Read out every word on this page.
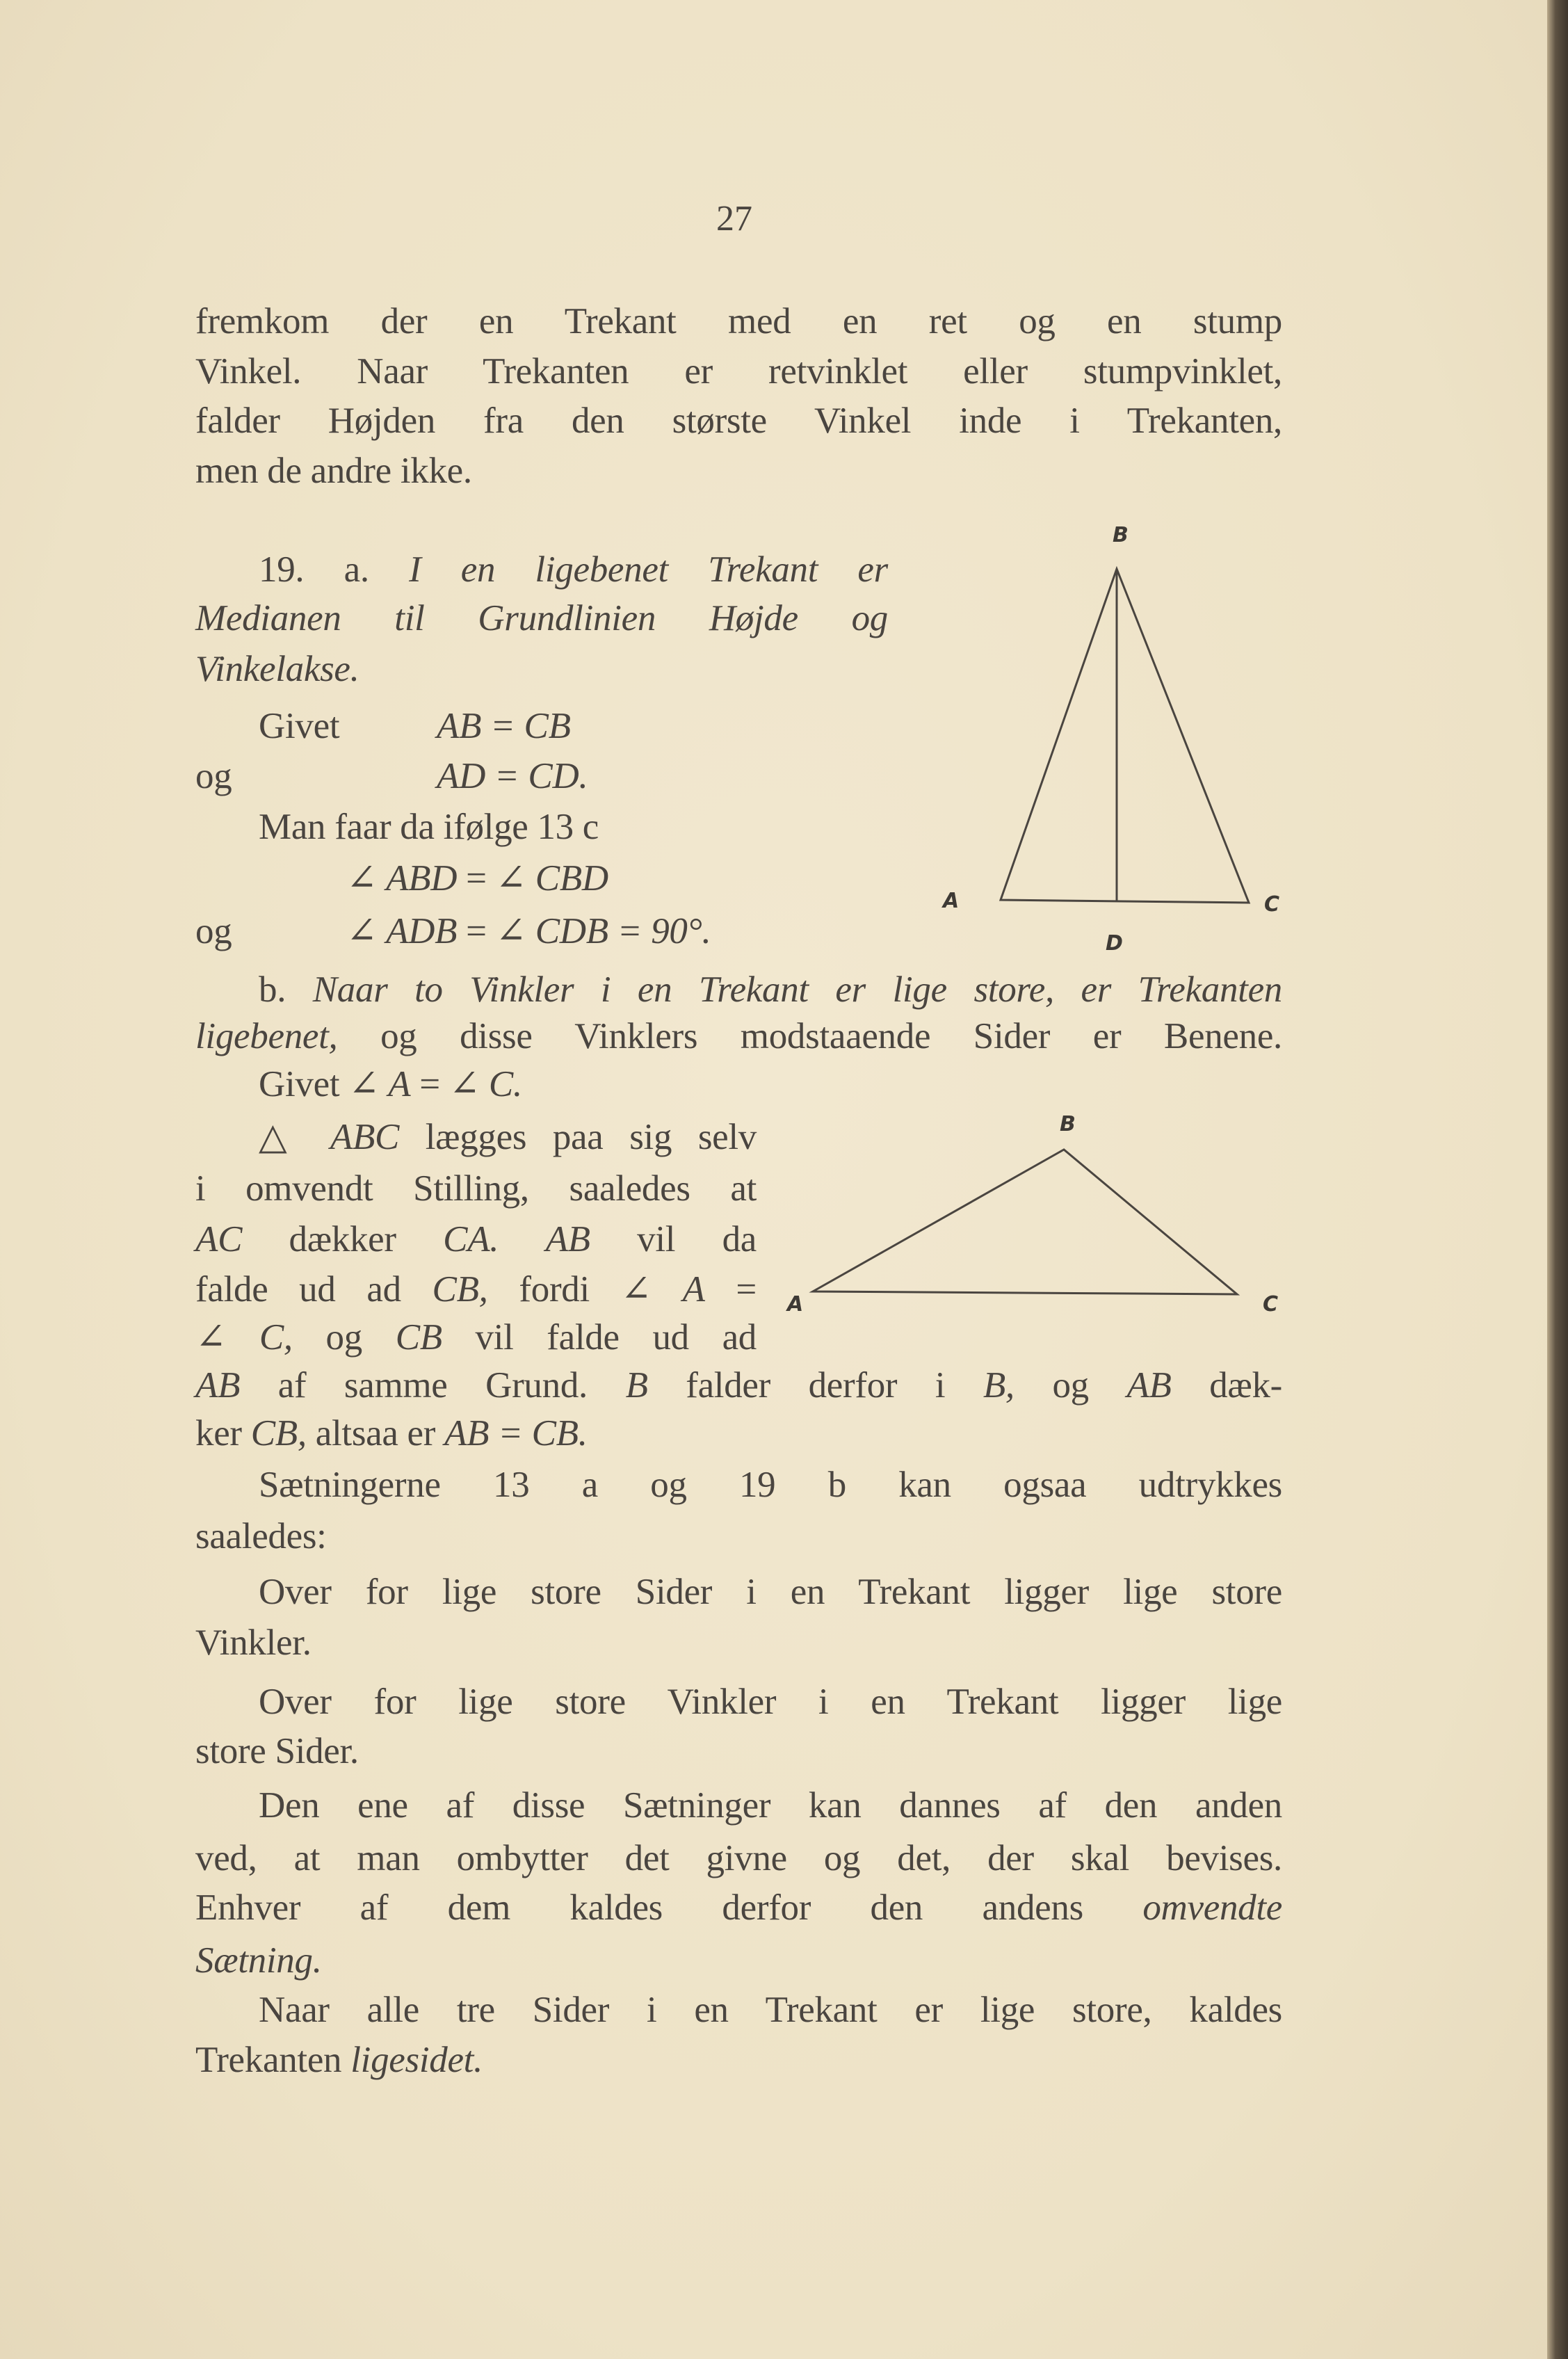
27
fremkom der en Trekant med en ret og en stump
Vinkel. Naar Trekanten er retvinklet eller stumpvinklet,
falder Højden fra den største Vinkel inde i Trekanten,
men de andre ikke.
19. a. I en ligebenet Trekant er
Medianen til Grundlinien Højde og
Vinkelakse.
Givet	AB = CB
og	AD = CD.
Man faar da ifølge 13 c
∠ ABD = ∠ CBD
og	∠ ADB = ∠ CDB = 90°.
b. Naar to Vinkler i en Trekant er lige store, er Trekanten
ligebenet, og disse Vinklers modstaaende Sider er Benene.
Givet ∠ A = ∠ C.
△ ABC lægges paa sig selv
i omvendt Stilling, saaledes at
AC dækker CA. AB vil da
falde ud ad CB, fordi ∠ A =
∠ C, og CB vil falde ud ad
AB af samme Grund. B falder derfor i B, og AB dæk-
ker CB, altsaa er AB = CB.
Sætningerne 13 a og 19 b kan ogsaa udtrykkes
saaledes:
Over for lige store Sider i en Trekant ligger lige store
Vinkler.
Over for lige store Vinkler i en Trekant ligger lige
store Sider.
Den ene af disse Sætninger kan dannes af den anden
ved, at man ombytter det givne og det, der skal bevises.
Enhver af dem kaldes derfor den andens omvendte
Sætning.
Naar alle tre Sider i en Trekant er lige store, kaldes
Trekanten ligesidet.
B
A	C
D
B
A	C
